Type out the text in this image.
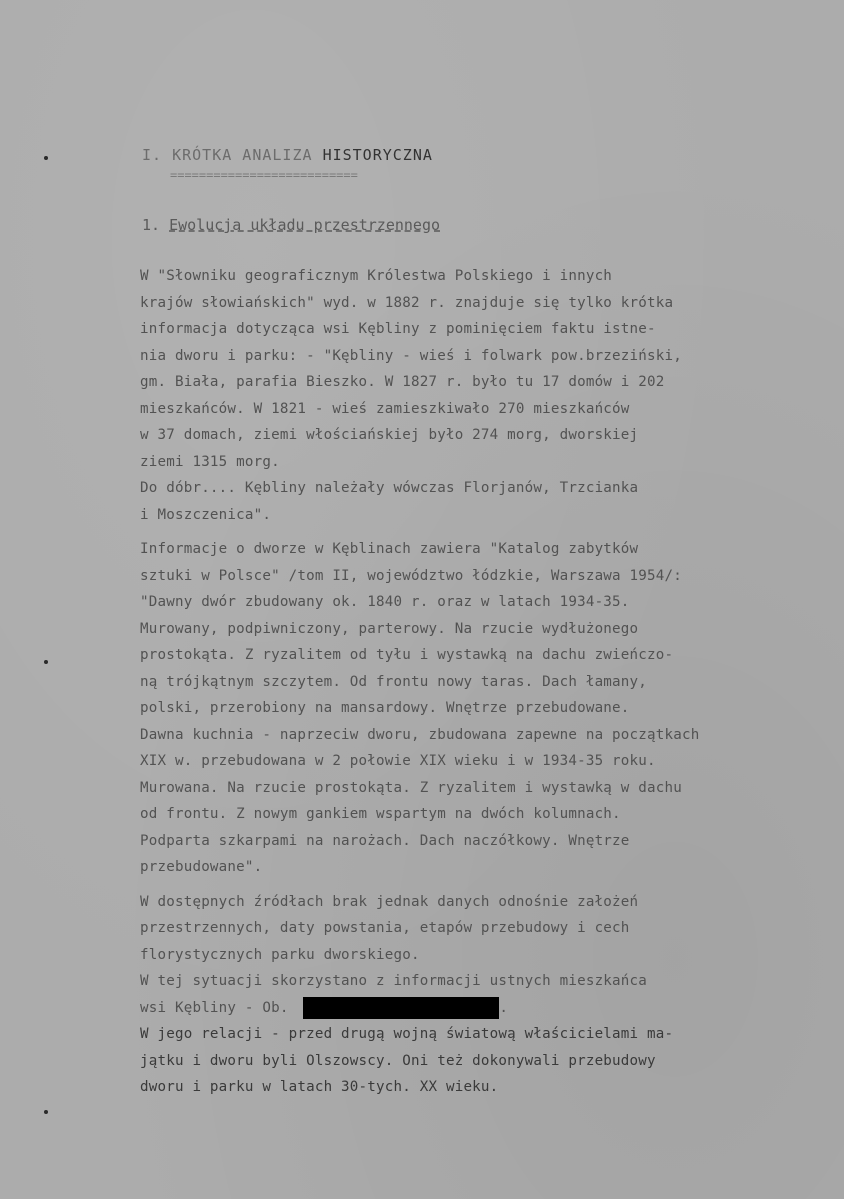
I. KRÓTKA ANALIZA HISTORYCZNA
==========================
1. Ewolucja układu przestrzennego
W "Słowniku geograficznym Królestwa Polskiego i innych
krajów słowiańskich" wyd. w 1882 r. znajduje się tylko krótka
informacja dotycząca wsi Kębliny z pominięciem faktu istne-
nia dworu i parku: - "Kębliny - wieś i folwark pow.brzeziński,
gm. Biała, parafia Bieszko. W 1827 r. było tu 17 domów i 202
mieszkańców. W 1821 - wieś zamieszkiwało 270 mieszkańców
w 37 domach, ziemi włościańskiej było 274 morg, dworskiej
ziemi 1315 morg.
Do dóbr.... Kębliny należały wówczas Florjanów, Trzcianka
i Moszczenica".
Informacje o dworze w Kęblinach zawiera "Katalog zabytków
sztuki w Polsce" /tom II, województwo łódzkie, Warszawa 1954/:
"Dawny dwór zbudowany ok. 1840 r. oraz w latach 1934-35.
Murowany, podpiwniczony, parterowy. Na rzucie wydłużonego
prostokąta. Z ryzalitem od tyłu i wystawką na dachu zwieńczo-
ną trójkątnym szczytem. Od frontu nowy taras. Dach łamany,
polski, przerobiony na mansardowy. Wnętrze przebudowane.
Dawna kuchnia - naprzeciw dworu, zbudowana zapewne na początkach
XIX w. przebudowana w 2 połowie XIX wieku i w 1934-35 roku.
Murowana. Na rzucie prostokąta. Z ryzalitem i wystawką w dachu
od frontu. Z nowym gankiem wspartym na dwóch kolumnach.
Podparta szkarpami na narożach. Dach naczółkowy. Wnętrze
przebudowane".
W dostępnych źródłach brak jednak danych odnośnie założeń
przestrzennych, daty powstania, etapów przebudowy i cech
florystycznych parku dworskiego.
W tej sytuacji skorzystano z informacji ustnych mieszkańca
wsi Kębliny - Ob.	.
W jego relacji - przed drugą wojną światową właścicielami ma-
jątku i dworu byli Olszowscy. Oni też dokonywali przebudowy
dworu i parku w latach 30-tych. XX wieku.
